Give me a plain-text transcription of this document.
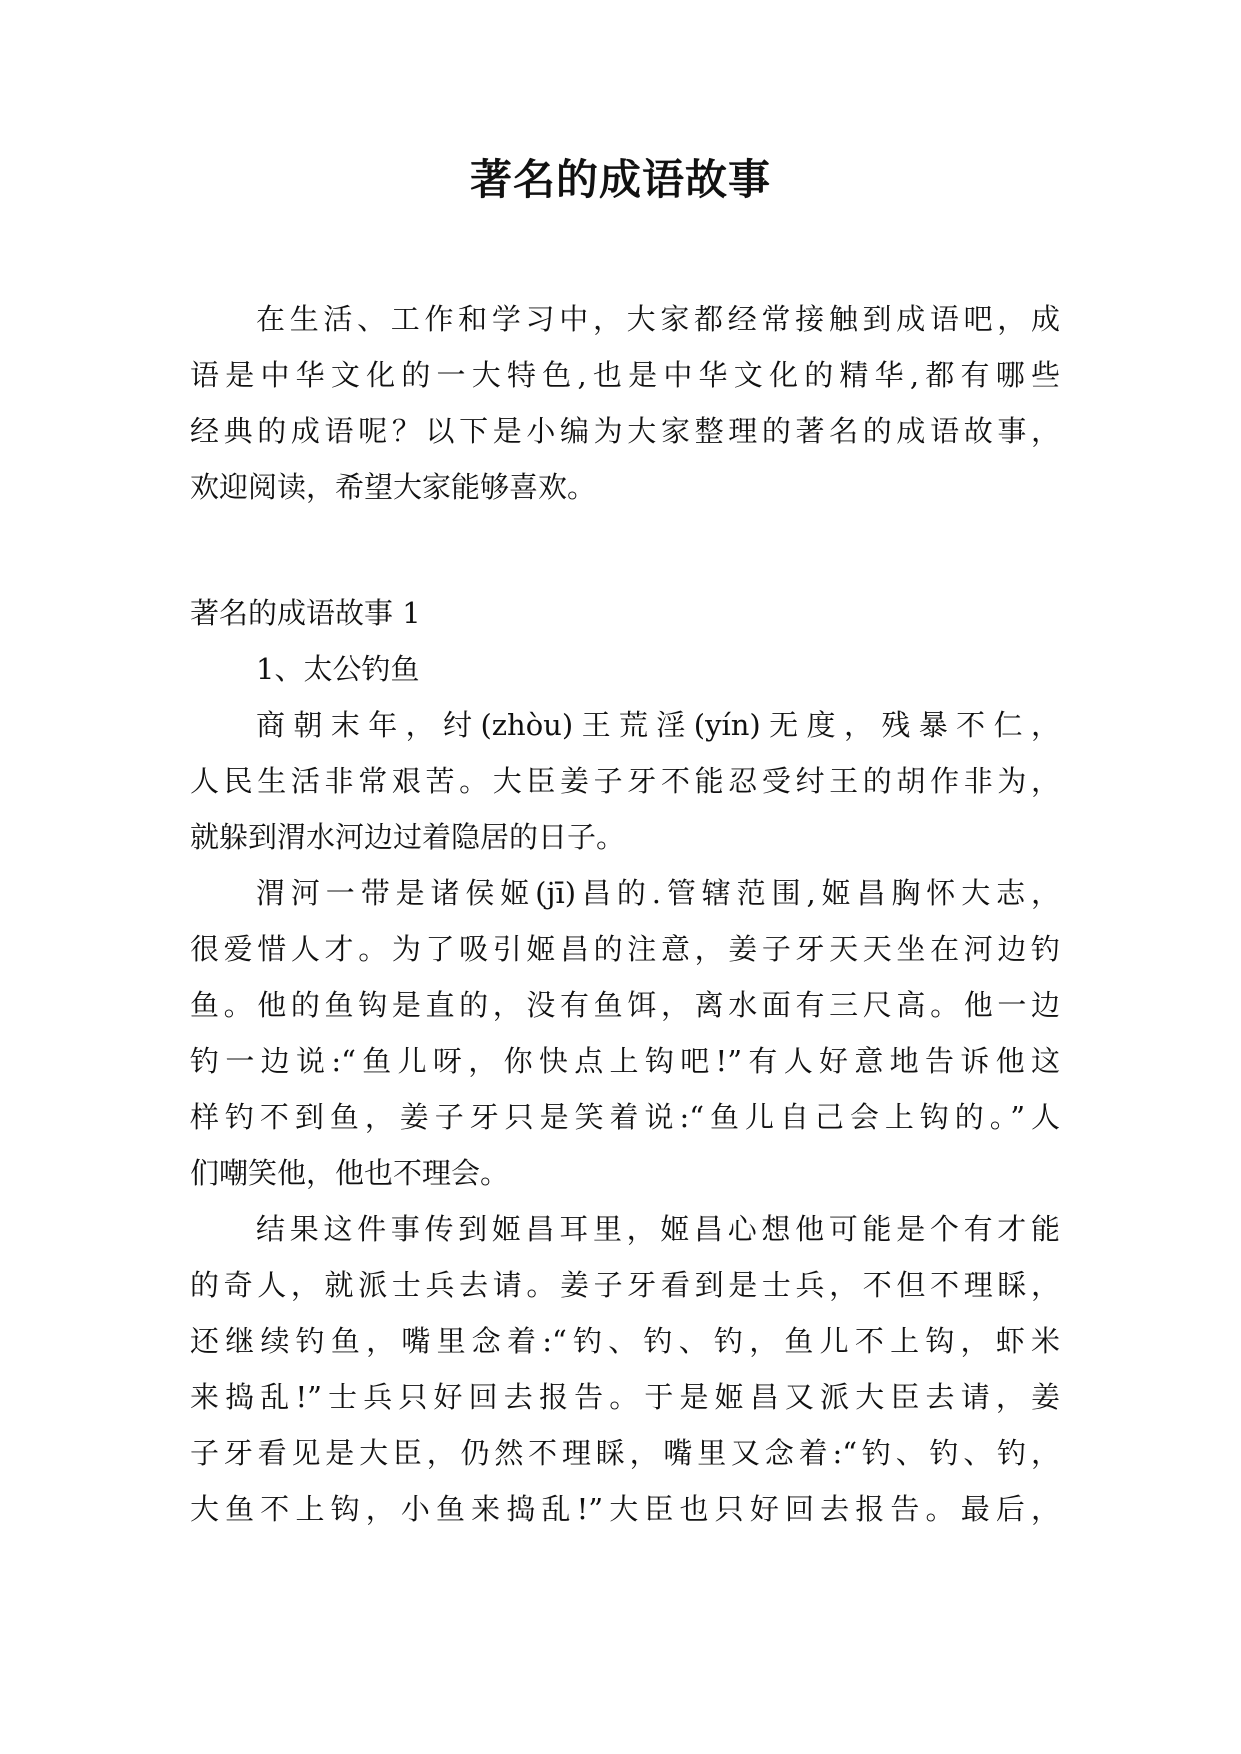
著名的成语故事
在生活、工作和学习中，大家都经常接触到成语吧，成
语是中华文化的一大特色,也是中华文化的精华,都有哪些
经典的成语呢？以下是小编为大家整理的著名的成语故事，
欢迎阅读，希望大家能够喜欢。
著名的成语故事 1
1、太公钓鱼
商朝末年，纣(zhòu)王荒淫(yín)无度，残暴不仁，
人民生活非常艰苦。大臣姜子牙不能忍受纣王的胡作非为，
就躲到渭水河边过着隐居的日子。
渭河一带是诸侯姬(jī)昌的.管辖范围,姬昌胸怀大志，
很爱惜人才。为了吸引姬昌的注意，姜子牙天天坐在河边钓
鱼。他的鱼钩是直的，没有鱼饵，离水面有三尺高。他一边
钓一边说:“鱼儿呀，你快点上钩吧!”有人好意地告诉他这
样钓不到鱼，姜子牙只是笑着说:“鱼儿自己会上钩的。”人
们嘲笑他，他也不理会。
结果这件事传到姬昌耳里，姬昌心想他可能是个有才能
的奇人，就派士兵去请。姜子牙看到是士兵，不但不理睬，
还继续钓鱼，嘴里念着:“钓、钓、钓，鱼儿不上钩，虾米
来捣乱!”士兵只好回去报告。于是姬昌又派大臣去请，姜
子牙看见是大臣，仍然不理睬，嘴里又念着:“钓、钓、钓，
大鱼不上钩，小鱼来捣乱!”大臣也只好回去报告。最后，
